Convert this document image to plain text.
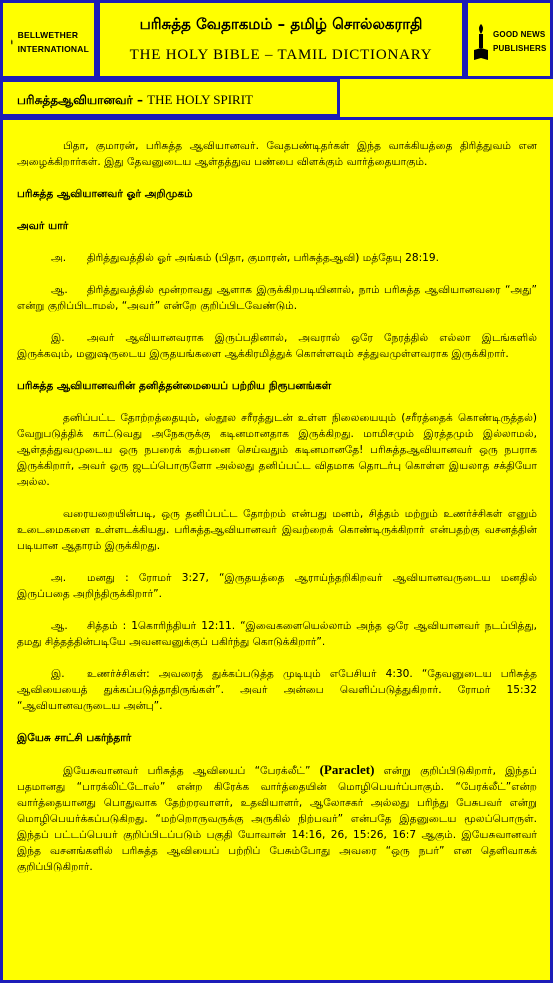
BELLWETHER
INTERNATIONAL
பரிசுத்த வேதாகமம் – தமிழ் சொல்லகராதி
THE HOLY BIBLE – TAMIL DICTIONARY
GOOD NEWS
PUBLISHERS
பரிசுத்தஆவியானவர் – THE HOLY SPIRIT
பிதா, குமாரன், பரிசுத்த ஆவியானவர். வேதபண்டிதர்கள் இந்த வாக்கியத்தை திரித்துவம் என அழைக்கிறார்கள். இது தேவனுடைய ஆள்தத்துவ பண்பை விளக்கும் வார்த்தையாகும்.
பரிசுத்த ஆவியானவர் ஓர் அறிமுகம்
அவர் யார்
அ. திரித்துவத்தில் ஓர் அங்கம் (பிதா, குமாரன், பரிசுத்தஆவி) மத்தேயு 28:19.
ஆ. திரித்துவத்தில் மூன்றாவது ஆளாக இருக்கிறபடியினால், நாம் பரிசுத்த ஆவியானவரை “அது” என்று குறிப்பிடாமல், “அவர்” என்றே குறிப்பிடவேண்டும்.
இ. அவர் ஆவியானவராக இருப்பதினால், அவரால் ஒரே நேரத்தில் எல்லா இடங்களில் இருக்கவும், மனுஷருடைய இருதயங்களை ஆக்கிரமித்துக் கொள்ளவும் சத்துவமுள்ளவராக இருக்கிறார்.
பரிசுத்த ஆவியானவரின் தனித்தன்மையைப் பற்றிய நிரூபனங்கள்
தனிப்பட்ட தோற்றத்தையும், ஸ்தூல சரீரத்துடன் உள்ள நிலையையும் (சரீரத்தைக் கொண்டிருத்தல்) வேறுபடுத்திக் காட்டுவது அநேகருக்கு கடினமானதாக இருக்கிறது. மாமிசமும் இரத்தமும் இல்லாமல், ஆள்தத்துவமுடைய ஒரு நபரைக் கற்பனை செய்வதும் கடினமானதே! பரிசுத்தஆவியானவர் ஒரு நபராக இருக்கிறார், அவர் ஒரு ஜடப்பொருளோ அல்லது தனிப்பட்ட விதமாக தொடர்பு கொள்ள இயலாத சக்தியோ அல்ல.
வரையறையின்படி, ஒரு தனிப்பட்ட தோற்றம் என்பது மனம், சித்தம் மற்றும் உணர்ச்சிகள் எனும் உடைமைகளை உள்ளடக்கியது. பரிசுத்தஆவியானவர் இவற்றைக் கொண்டிருக்கிறார் என்பதற்கு வசனத்தின் படியான ஆதாரம் இருக்கிறது.
அ. மனது : ரோமர் 3:27, “இருதயத்தை ஆராய்ந்தறிகிறவர் ஆவியானவருடைய மனதில் இருப்பதை அறிந்திருக்கிறார்”.
ஆ. சித்தம் : 1கொரிந்தியர் 12:11. “இவைகளையெல்லாம் அந்த ஒரே ஆவியானவர் நடப்பித்து, தமது சித்தத்தின்படியே அவனவனுக்குப் பகிர்ந்து கொடுக்கிறார்”.
இ. உணர்ச்சிகள்: அவரைத் துக்கப்படுத்த முடியும் எபேசியர் 4:30. “தேவனுடைய பரிசுத்த ஆவியையைத் துக்கப்படுத்தாதிருங்கள்”. அவர் அன்பை வெளிப்படுத்துகிறார். ரோமர் 15:32 “ஆவியானவருடைய அன்பு”.
இயேசு சாட்சி பகர்ந்தார்
இயேசுவானவர் பரிசுத்த ஆவியைப் “பேரக்லீட்” (Paraclet) என்று குறிப்பிடுகிறார், இந்தப் பதமானது “பாரக்லிட்டோஸ்” என்ற கிரேக்க வார்த்தையின் மொழிபெயர்ப்பாகும். “பேரக்லீட்”என்ற வார்த்தையானது பொதுவாக தேற்றரவாளர், உதவியாளர், ஆலோசகர் அல்லது பரிந்து பேசுபவர் என்று மொழிபெயர்க்கப்படுகிறது. “மற்றொருவருக்கு அருகில் நிற்பவர்” என்பதே இதனுடைய மூலப்பொருள். இந்தப் பட்டப்பெயர் குறிப்பிடப்படும் பகுதி யோவான் 14:16, 26, 15:26, 16:7 ஆகும். இயேசுவானவர் இந்த வசனங்களில் பரிசுத்த ஆவியைப் பற்றிப் பேசும்போது அவரை “ஒரு நபர்” என தெளிவாகக் குறிப்பிடுகிறார்.
